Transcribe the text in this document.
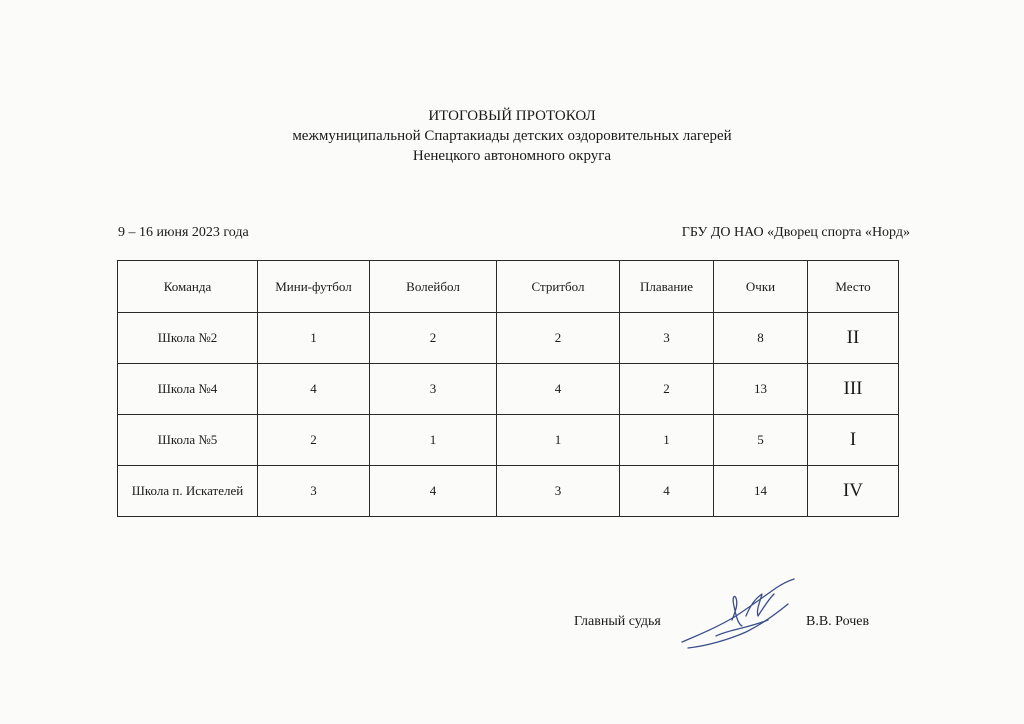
ИТОГОВЫЙ ПРОТОКОЛ
межмуниципальной Спартакиады детских оздоровительных лагерей
Ненецкого автономного округа
9 – 16 июня 2023 года	ГБУ ДО НАО «Дворец спорта «Норд»
Команда	Мини-футбол	Волейбол	Стритбол	Плавание	Очки	Место
Школа №2	1	2	2	3	8	II
Школа №4	4	3	4	2	13	III
Школа №5	2	1	1	1	5	I
Школа п. Искателей	3	4	3	4	14	IV
Главный судья	В.В. Рочев
